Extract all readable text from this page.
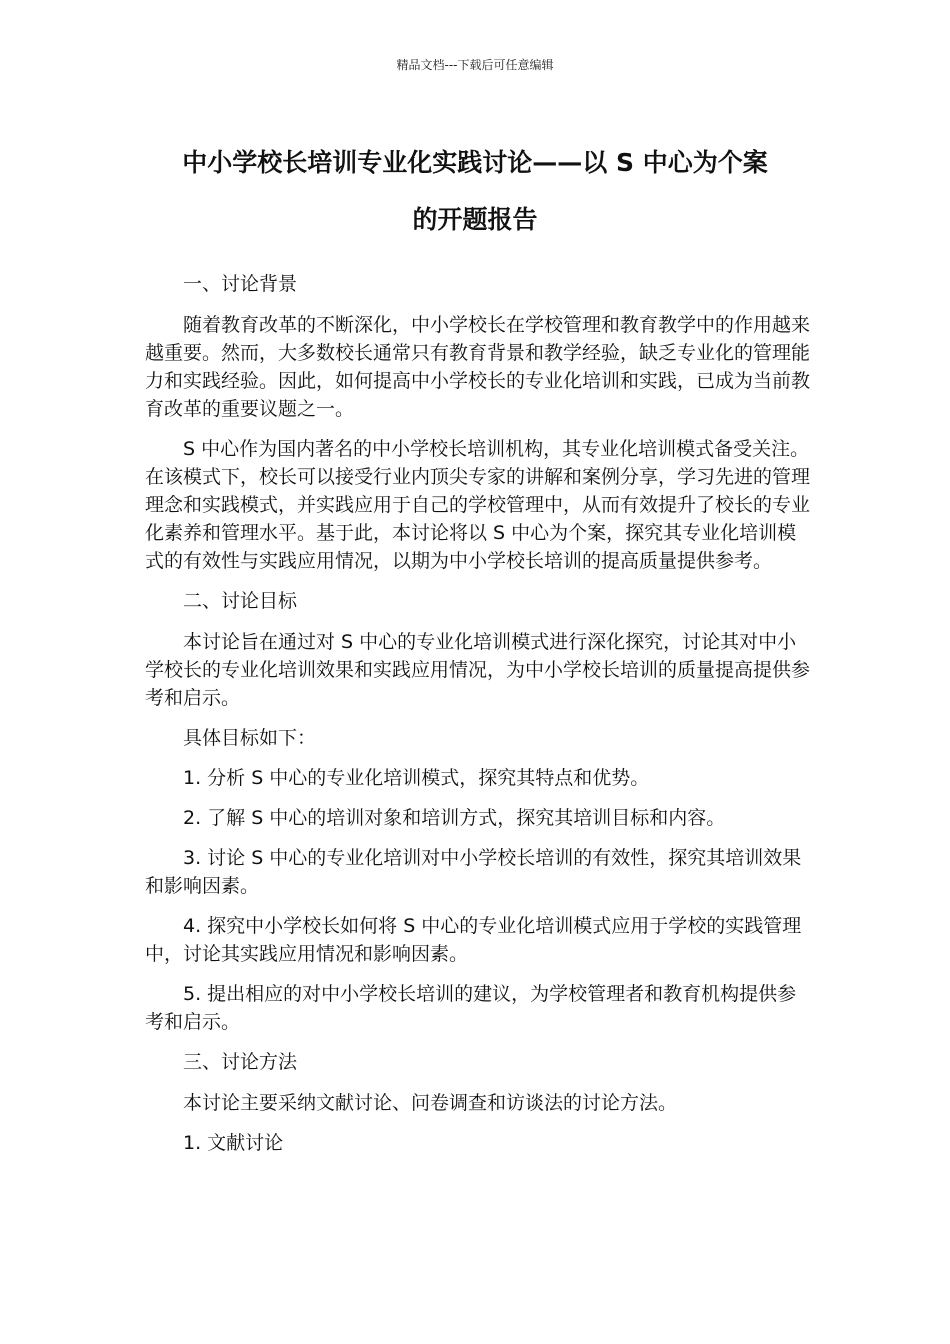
精品文档---下载后可任意编辑
中小学校长培训专业化实践讨论——以 S 中心为个案
的开题报告

一、讨论背景

随着教育改革的不断深化，中小学校长在学校管理和教育教学中的作用越来越重要。然而，大多数校长通常只有教育背景和教学经验，缺乏专业化的管理能力和实践经验。因此，如何提高中小学校长的专业化培训和实践，已成为当前教育改革的重要议题之一。

S 中心作为国内著名的中小学校长培训机构，其专业化培训模式备受关注。在该模式下，校长可以接受行业内顶尖专家的讲解和案例分享，学习先进的管理理念和实践模式，并实践应用于自己的学校管理中，从而有效提升了校长的专业化素养和管理水平。基于此，本讨论将以 S 中心为个案，探究其专业化培训模式的有效性与实践应用情况，以期为中小学校长培训的提高质量提供参考。

二、讨论目标

本讨论旨在通过对 S 中心的专业化培训模式进行深化探究，讨论其对中小学校长的专业化培训效果和实践应用情况，为中小学校长培训的质量提高提供参考和启示。

具体目标如下：

1. 分析 S 中心的专业化培训模式，探究其特点和优势。

2. 了解 S 中心的培训对象和培训方式，探究其培训目标和内容。

3. 讨论 S 中心的专业化培训对中小学校长培训的有效性，探究其培训效果和影响因素。

4. 探究中小学校长如何将 S 中心的专业化培训模式应用于学校的实践管理中，讨论其实践应用情况和影响因素。

5. 提出相应的对中小学校长培训的建议，为学校管理者和教育机构提供参考和启示。

三、讨论方法

本讨论主要采纳文献讨论、问卷调查和访谈法的讨论方法。

1. 文献讨论
